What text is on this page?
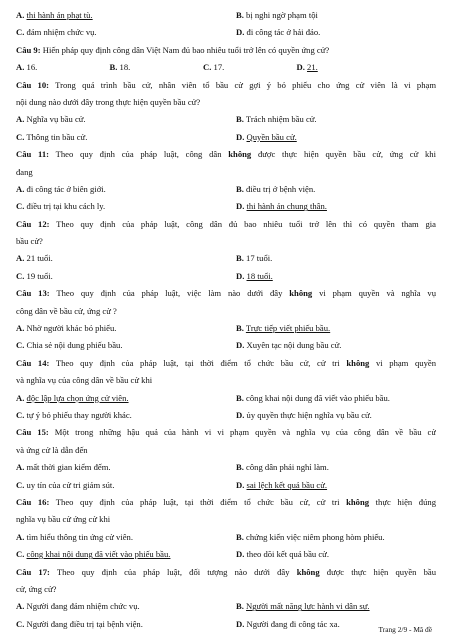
A. thi hành án phạt tù.	B. bị nghi ngờ phạm tội
C. đảm nhiệm chức vụ.	D. đi công tác ở hải đảo.
Câu 9: Hiến pháp quy định công dân Việt Nam đủ bao nhiêu tuổi trở lên có quyền ứng cử?
A. 16.	B. 18.	C. 17.	D. 21.
Câu 10: Trong quá trình bầu cử, nhân viên tổ bầu cử gợi ý bỏ phiếu cho ứng cử viên là vi phạm
nội dung nào dưới đây trong thực hiện quyền bầu cử?
A. Nghĩa vụ bầu cử.	B. Trách nhiệm bầu cử.
C. Thông tin bầu cử.	D. Quyền bầu cử.
Câu 11: Theo quy định của pháp luật, công dân không được thực hiện quyền bầu cử, ứng cử khi
đang
A. đi công tác ở biên giới.	B. điều trị ở bệnh viện.
C. điều trị tại khu cách ly.	D. thi hành án chung thân.
Câu 12: Theo quy định của pháp luật, công dân đủ bao nhiêu tuổi trở lên thì có quyền tham gia
bầu cử?
A. 21 tuổi.	B. 17 tuổi.
C. 19 tuổi.	D. 18 tuổi.
Câu 13: Theo quy định của pháp luật, việc làm nào dưới đây không vi phạm quyền và nghĩa vụ
công dân về bầu cử, ứng cử ?
A. Nhờ người khác bỏ phiếu.	B. Trực tiếp viết phiếu bầu.
C. Chia sẻ nội dung phiếu bầu.	D. Xuyên tạc nội dung bầu cử.
Câu 14: Theo quy định của pháp luật, tại thời điểm tổ chức bầu cử, cử tri không vi phạm quyền
và nghĩa vụ của công dân về bầu cử khi
A. độc lập lựa chọn ứng cử viên.	B. công khai nội dung đã viết vào phiếu bầu.
C. tự ý bỏ phiếu thay người khác.	D. ủy quyền thực hiện nghĩa vụ bầu cử.
Câu 15: Một trong những hậu quả của hành vi vi phạm quyền và nghĩa vụ của công dân về bầu cử
và ứng cử là dẫn đến
A. mất thời gian kiểm đếm.	B. công dân phải nghỉ làm.
C. uy tín của cử tri giảm sút.	D. sai lệch kết quả bầu cử.
Câu 16: Theo quy định của pháp luật, tại thời điểm tổ chức bầu cử, cử tri không thực hiện đúng
nghĩa vụ bầu cử ứng cử khi
A. tìm hiểu thông tin ứng cử viên.	B. chứng kiến việc niêm phong hòm phiếu.
C. công khai nội dung đã viết vào phiếu bầu.	D. theo dõi kết quả bầu cử.
Câu 17: Theo quy định của pháp luật, đối tượng nào dưới đây không được thực hiện quyền bầu
cử, ứng cử?
A. Người đang đảm nhiệm chức vụ.	B. Người mất năng lực hành vi dân sự.
C. Người đang điều trị tại bệnh viện.	D. Người đang đi công tác xa.
Trang 2/9 - Mã đề
